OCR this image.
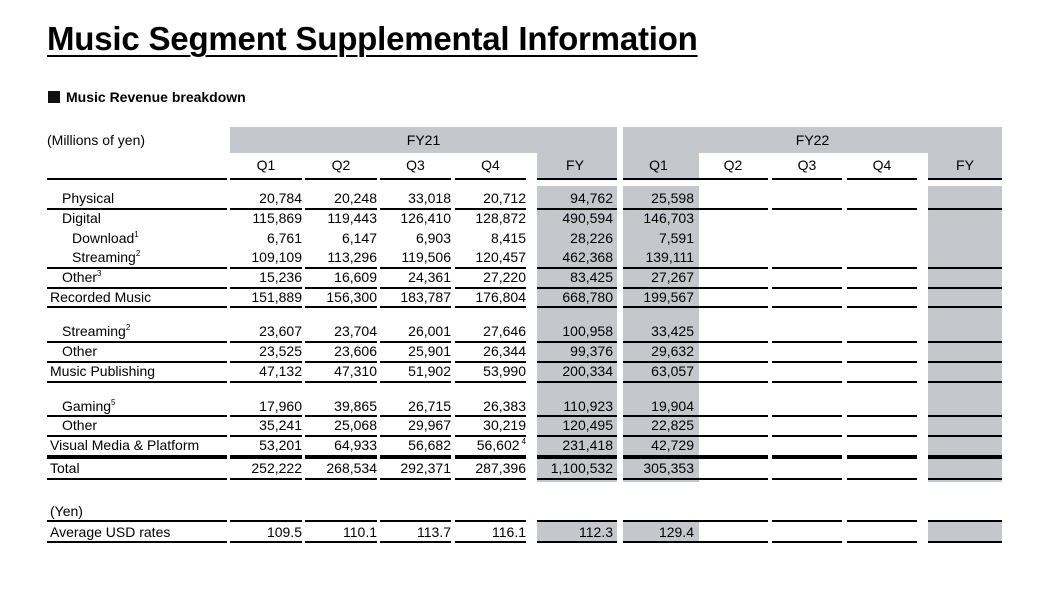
Music Segment Supplemental Information
Music Revenue breakdown
(Millions of yen)	FY21	FY22
Q1	Q2	Q3	Q4	FY	Q1	Q2	Q3	Q4	FY
Physical	20,784	20,248	33,018	20,712	94,762	25,598
Digital	115,869	119,443	126,410	128,872	490,594	146,703
Download$^1$	6,761	6,147	6,903	8,415	28,226	7,591
Streaming$^2$	109,109	113,296	119,506	120,457	462,368	139,111
Other$^3$	15,236	16,609	24,361	27,220	83,425	27,267
Recorded Music	151,889	156,300	183,787	176,804	668,780	199,567
Streaming$^2$	23,607	23,704	26,001	27,646	100,958	33,425
Other	23,525	23,606	25,901	26,344	99,376	29,632
Music Publishing	47,132	47,310	51,902	53,990	200,334	63,057
Gaming$^5$	17,960	39,865	26,715	26,383	110,923	19,904
Other	35,241	25,068	29,967	30,219	120,495	22,825
Visual Media & Platform	53,201	64,933	56,682	56,602 $^4$	231,418	42,729
Total	252,222	268,534	292,371	287,396	1,100,532	305,353
(Yen)
Average USD rates	109.5	110.1	113.7	116.1	112.3	129.4
